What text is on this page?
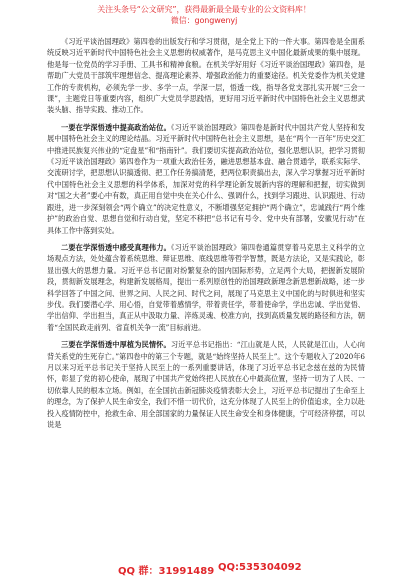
关注头条号“公文研究”，获得最新最全最专业的公文资料库！
微信：gongwenyj

《习近平谈治国理政》第四卷的出版发行和学习贯彻，是全党上下的一件大事。第四卷是全面系统反映习近平新时代中国特色社会主义思想的权威著作，是马克思主义中国化最新成果的集中展现。他是每一位党员的学习手册、工具书和精神食粮。在机关学好用好《习近平谈治国理政》第四卷，是帮助广大党员干部筑牢理想信念、提高理论素养、增强政治能力的重要途径。机关党委作为机关党建工作的专责机构，必须先学一步、多学一点，学深一层，悟透一线，指导各党支部扎实开展“三会一课”，主题党日等重要内容，组织广大党员学思践悟，更好用习近平新时代中国特色社会主义思想武装头脑、指导实践、推动工作。

一要在学深悟透中提高政治站位。《习近平谈治国理政》第四卷是新时代中国共产党人坚持和发展中国特色社会主义的理论结晶。习近平新时代中国特色社会主义思想，是在“两个一百年”历史交汇中推进民族复兴伟业的“定盘星”和“指南针”。我们要切实提高政治站位，强化思想认识，把学习贯彻《习近平谈治国理政》第四卷作为一项重大政治任务，融进思想基本盘、融合贯通学，联系实际学、交流研讨学，把思想认识搞透彻、把工作任务搞清楚，把两位职责搞出去，深入学习掌握习近平新时代中国特色社会主义思想的科学体系，加深对党的科学理论新发展新内容的理解和把握，切实做到对“国之大者”要心中有数，真正用自觉中央在关心什么、强调什么，找到学习跟进、认识跟进、行动跟进，进一步深刻领会“两个确立”的决定性意义，不断增强坚定拥护“两个确立”，忠诚践行“两个维护”的政治自觉、思想自觉和行动自觉，坚定不移把“总书记有号令、党中央有部署，安徽见行动”在具体工作中落到实处。

二要在学深悟透中感受真理伟力。《习近平谈治国理政》第四卷通篇贯穿着马克思主义科学的立场观点方法，处处蕴含着系统思维、辩证思维、底线思维等哲学智慧，既是方法论，又是实践论，彰显出强大的思想力量。习近平总书记面对纷繁复杂的国内国际形势，立足两个大局，把握新发展阶段，贯彻新发展理念，构建新发展格局，提出一系列原创性的治国理政新理念新思想新战略，述一步科学回答了中国之问、世界之问、人民之问、时代之问，展现了马克思主义中国化的与时俱进和坚实步伐。我们要潜心学、用心悟，自觉带着感情学，带着责任学，带着使命学，学出忠诚、学出觉悟、学出信仰、学出担当，真正从中汲取力量、淬炼灵魂、校准方向，找到高质量发展的路径和方法，朝着“全国民政走前列、省直机关争一流”目标前进。

三要在学深悟透中厚植为民情怀。习近平总书记指出：“江山就是人民，人民就是江山，人心向背关系党的生死存亡。”第四卷中的第三个专题，就是“始终坚持人民至上”。这个专题收入了2020年6月以来习近平总书记关于坚持人民至上的一系列重要讲话，体现了习近平总书记念兹在兹的为民情怀，彰显了党的初心使命，展现了中国共产党始终把人民放在心中最高位置，坚持一切为了人民、一切依靠人民的根本立场。例如，在全国抗击新冠肺炎疫情表彰大会上，习近平总书记提出了生命至上的理念，为了保护人民生命安全，我们不惜一切代价，这充分体现了人民至上的价值追求，全力以赴投入疫情防控中，抢救生命、用全部国家的力量保证人民生命安全和身体健康，宁可经济停摆，可以说是

QQ 群：31991489 QQ:535304092
